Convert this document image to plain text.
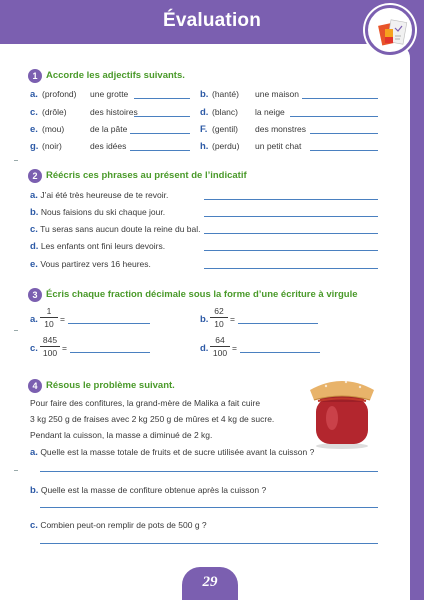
Évaluation
1 Accorde les adjectifs suivants.
a. (profond)	une grotte	b. (hanté) une maison
c. (drôle)	des histoires	d. (blanc) la neige
e. (mou)	de la pâte	F. (gentil) des monstres
g. (noir)	des idées	h. (perdu) un petit chat
2 Réécris ces phrases au présent de l’indicatif
a. J’ai été très heureuse de te revoir.
b. Nous faisions du ski chaque jour.
c. Tu seras sans aucun doute la reine du bal.
d. Les enfants ont fini leurs devoirs.
e. Vous partirez vers 16 heures.
3 Écris chaque fraction décimale sous la forme d’une écriture à virgule
a. $\frac{1}{10}$ =	b. $\frac{62}{10}$ =
c. $\frac{845}{100}$ =	d. $\frac{64}{100}$ =
4 Résous le problème suivant.
Pour faire des confitures, la grand-mère de Malika a fait cuire
3 kg 250 g de fraises avec 2 kg 250 g de mûres et 4 kg de sucre.
Pendant la cuisson, la masse a diminué de 2 kg.
a. Quelle est la masse totale de fruits et de sucre utilisée avant la cuisson ?
b. Quelle est la masse de confiture obtenue après la cuisson ?
c. Combien peut-on remplir de pots de 500 g ?
29
